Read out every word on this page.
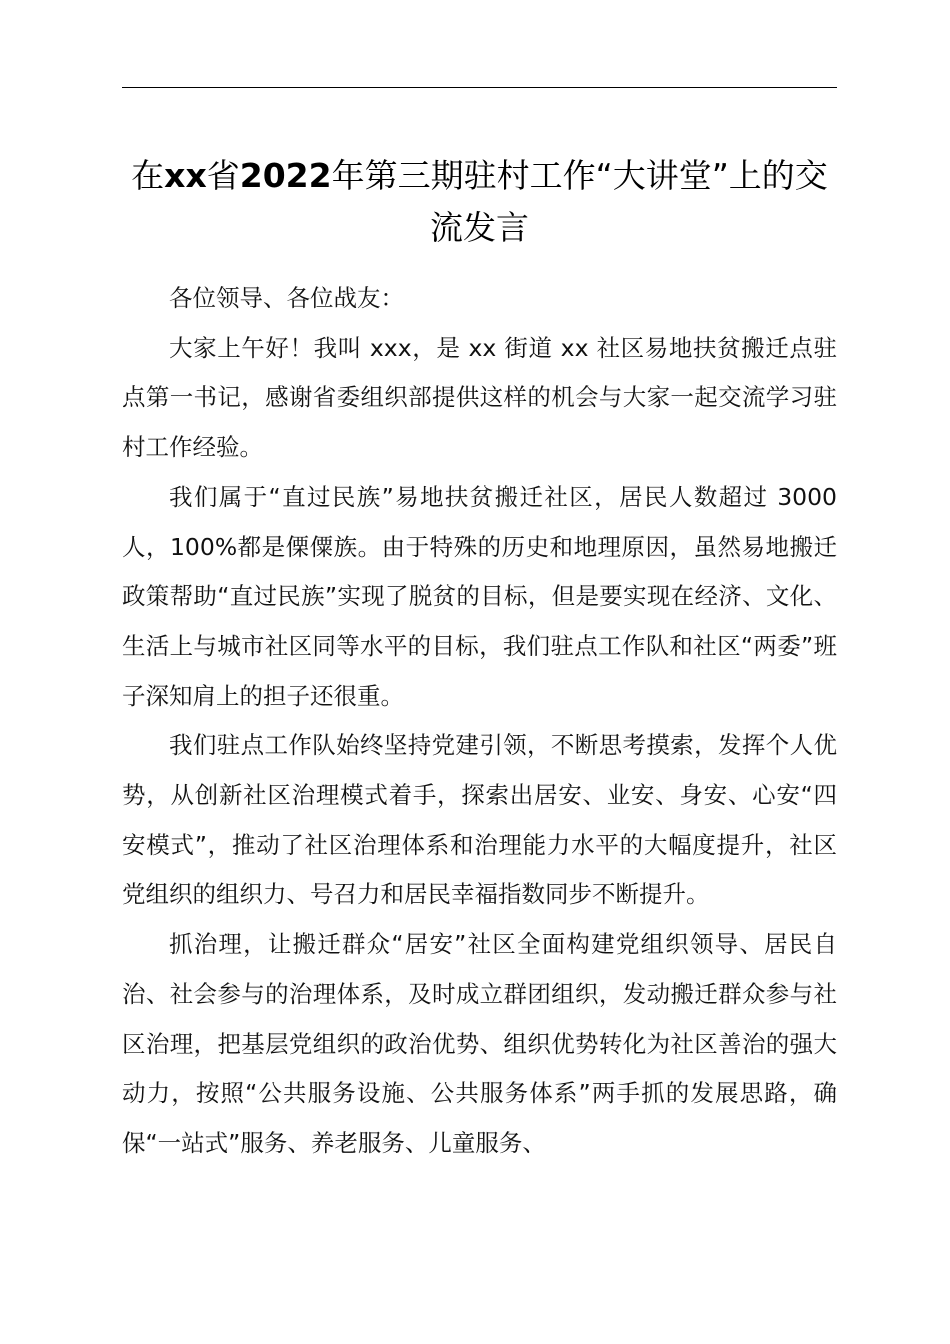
在xx省2022年第三期驻村工作“大讲堂”上的交流发言

各位领导、各位战友：

大家上午好！我叫 xxx，是 xx 街道 xx 社区易地扶贫搬迁点驻点第一书记，感谢省委组织部提供这样的机会与大家一起交流学习驻村工作经验。

我们属于“直过民族”易地扶贫搬迁社区，居民人数超过 3000 人，100%都是傈僳族。由于特殊的历史和地理原因，虽然易地搬迁政策帮助“直过民族”实现了脱贫的目标，但是要实现在经济、文化、生活上与城市社区同等水平的目标，我们驻点工作队和社区“两委”班子深知肩上的担子还很重。

我们驻点工作队始终坚持党建引领，不断思考摸索，发挥个人优势，从创新社区治理模式着手，探索出居安、业安、身安、心安“四安模式”，推动了社区治理体系和治理能力水平的大幅度提升，社区党组织的组织力、号召力和居民幸福指数同步不断提升。

抓治理，让搬迁群众“居安”社区全面构建党组织领导、居民自治、社会参与的治理体系，及时成立群团组织，发动搬迁群众参与社区治理，把基层党组织的政治优势、组织优势转化为社区善治的强大动力，按照“公共服务设施、公共服务体系”两手抓的发展思路，确保“一站式”服务、养老服务、儿童服务、
